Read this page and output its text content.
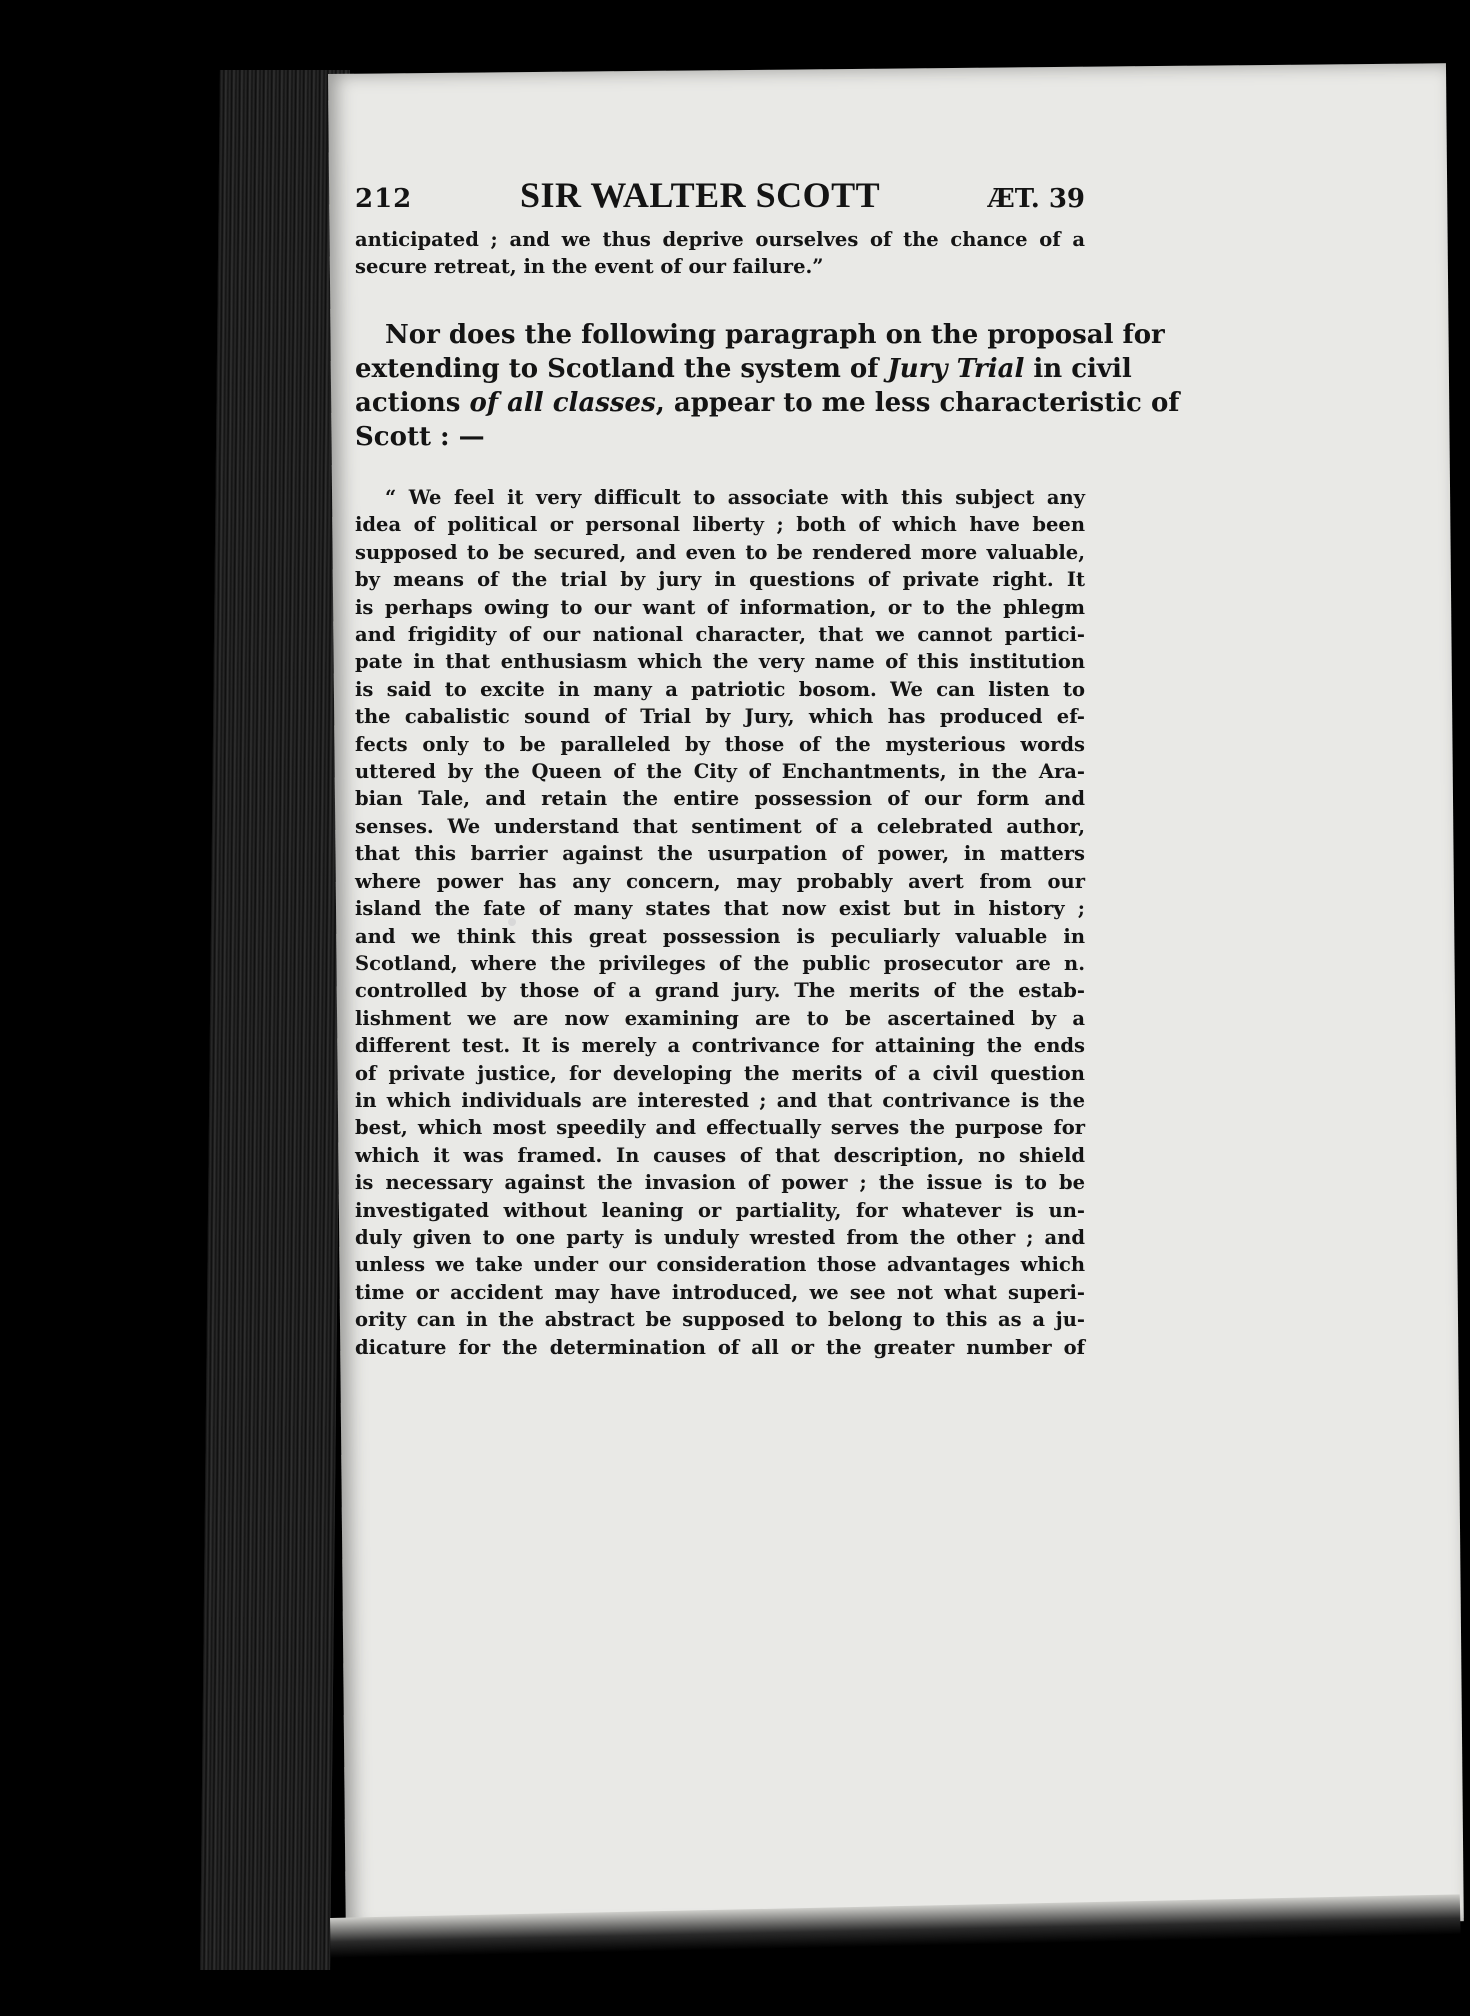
212	SIR WALTER SCOTT	ÆT. 39

anticipated ; and we thus deprive ourselves of the chance of a
secure retreat, in the event of our failure.”

Nor does the following paragraph on the proposal for
extending to Scotland the system of Jury Trial in civil
actions of all classes, appear to me less characteristic of
Scott : —

“ We feel it very difficult to associate with this subject any
idea of political or personal liberty ; both of which have been
supposed to be secured, and even to be rendered more valuable,
by means of the trial by jury in questions of private right. It
is perhaps owing to our want of information, or to the phlegm
and frigidity of our national character, that we cannot partici-
pate in that enthusiasm which the very name of this institution
is said to excite in many a patriotic bosom. We can listen to
the cabalistic sound of Trial by Jury, which has produced ef-
fects only to be paralleled by those of the mysterious words
uttered by the Queen of the City of Enchantments, in the Ara-
bian Tale, and retain the entire possession of our form and
senses. We understand that sentiment of a celebrated author,
that this barrier against the usurpation of power, in matters
where power has any concern, may probably avert from our
island the fate of many states that now exist but in history ;
and we think this great possession is peculiarly valuable in
Scotland, where the privileges of the public prosecutor are n.
controlled by those of a grand jury. The merits of the estab-
lishment we are now examining are to be ascertained by a
different test. It is merely a contrivance for attaining the ends
of private justice, for developing the merits of a civil question
in which individuals are interested ; and that contrivance is the
best, which most speedily and effectually serves the purpose for
which it was framed. In causes of that description, no shield
is necessary against the invasion of power ; the issue is to be
investigated without leaning or partiality, for whatever is un-
duly given to one party is unduly wrested from the other ; and
unless we take under our consideration those advantages which
time or accident may have introduced, we see not what superi-
ority can in the abstract be supposed to belong to this as a ju-
dicature for the determination of all or the greater number of
